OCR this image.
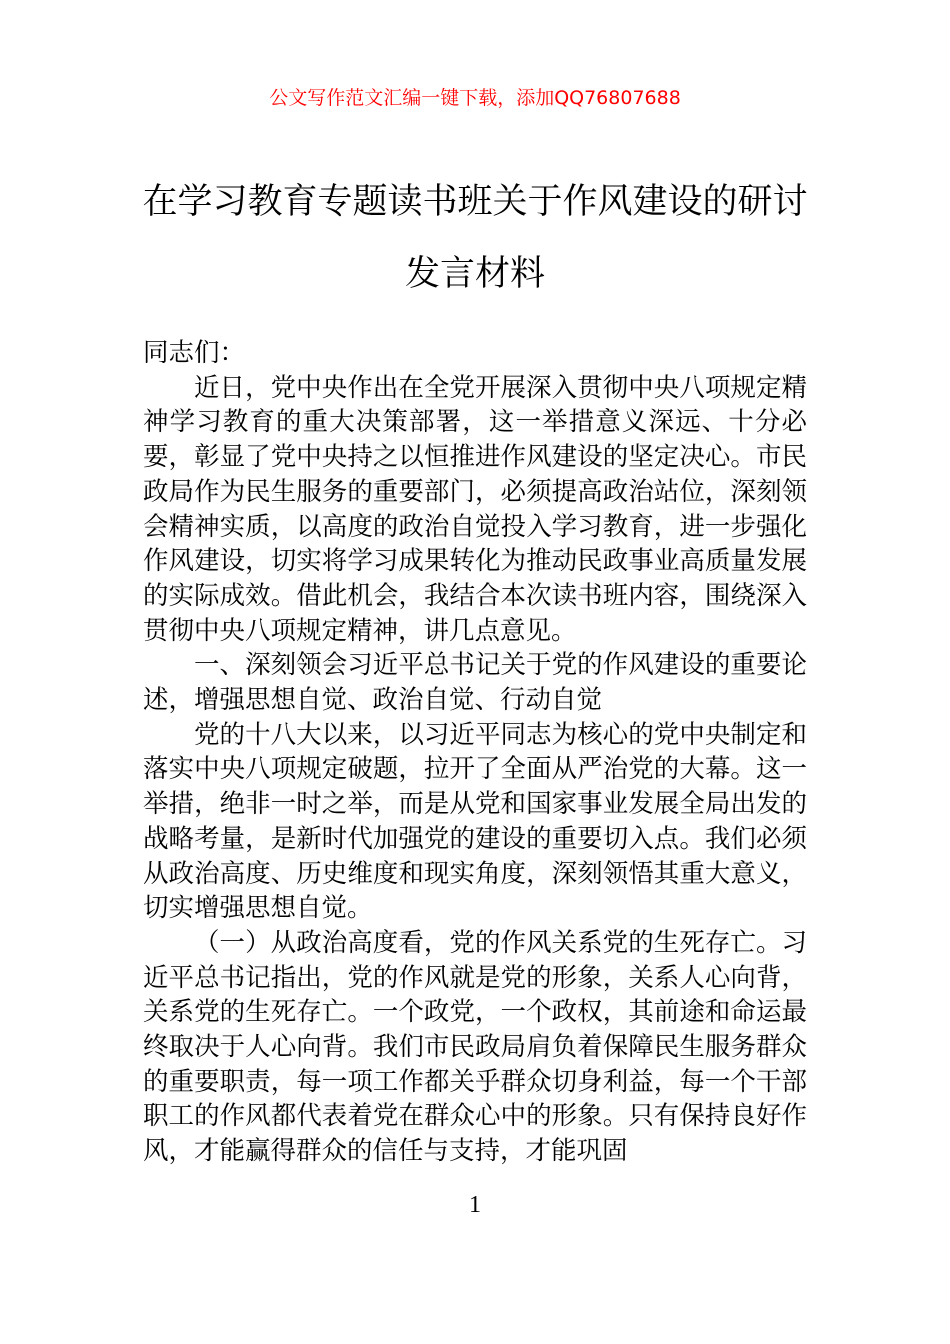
公文写作范文汇编一键下载，添加QQ76807688
在学习教育专题读书班关于作风建设的研讨发言材料

同志们：

近日，党中央作出在全党开展深入贯彻中央八项规定精神学习教育的重大决策部署，这一举措意义深远、十分必要，彰显了党中央持之以恒推进作风建设的坚定决心。市民政局作为民生服务的重要部门，必须提高政治站位，深刻领会精神实质，以高度的政治自觉投入学习教育，进一步强化作风建设，切实将学习成果转化为推动民政事业高质量发展的实际成效。借此机会，我结合本次读书班内容，围绕深入贯彻中央八项规定精神，讲几点意见。

一、深刻领会习近平总书记关于党的作风建设的重要论述，增强思想自觉、政治自觉、行动自觉

党的十八大以来，以习近平同志为核心的党中央制定和落实中央八项规定破题，拉开了全面从严治党的大幕。这一举措，绝非一时之举，而是从党和国家事业发展全局出发的战略考量，是新时代加强党的建设的重要切入点。我们必须从政治高度、历史维度和现实角度，深刻领悟其重大意义，切实增强思想自觉。

（一）从政治高度看，党的作风关系党的生死存亡。习近平总书记指出，党的作风就是党的形象，关系人心向背，关系党的生死存亡。一个政党，一个政权，其前途和命运最终取决于人心向背。我们市民政局肩负着保障民生服务群众的重要职责，每一项工作都关乎群众切身利益，每一个干部职工的作风都代表着党在群众心中的形象。只有保持良好作风，才能赢得群众的信任与支持，才能巩固

1
